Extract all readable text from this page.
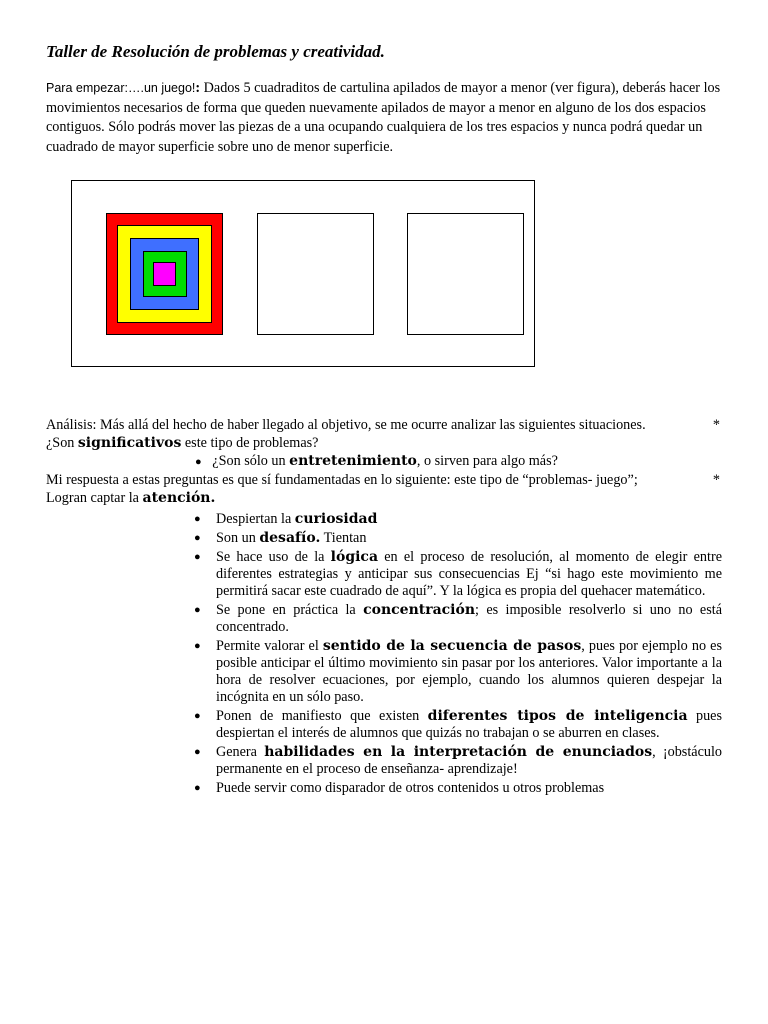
Taller de Resolución de problemas y creatividad.
Para empezar:….un juego!: Dados 5 cuadraditos de cartulina apilados de mayor a menor (ver figura), deberás hacer los movimientos necesarios de forma que queden nuevamente apilados de mayor a menor en alguno de los dos espacios contiguos. Sólo podrás mover las piezas de a una ocupando cualquiera de los tres espacios y nunca podrá quedar un cuadrado de mayor superficie sobre uno de menor superficie.
Análisis: Más allá del hecho de haber llegado al objetivo, se me ocurre analizar las siguientes situaciones.	*
¿Son significativos este tipo de problemas?
● ¿Son sólo un entretenimiento, o sirven para algo más?
Mi respuesta a estas preguntas es que sí fundamentadas en lo siguiente: este tipo de “problemas- juego”;	*
Logran captar la atención.
● Despiertan la curiosidad
● Son un desafío. Tientan
● Se hace uso de la lógica en el proceso de resolución, al momento de elegir entre diferentes estrategias y anticipar sus consecuencias Ej “si hago este movimiento me permitirá sacar este cuadrado de aquí”. Y la lógica es propia del quehacer matemático.
● Se pone en práctica la concentración; es imposible resolverlo si uno no está concentrado.
● Permite valorar el sentido de la secuencia de pasos, pues por ejemplo no es posible anticipar el último movimiento sin pasar por los anteriores. Valor importante a la hora de resolver ecuaciones, por ejemplo, cuando los alumnos quieren despejar la incógnita en un sólo paso.
● Ponen de manifiesto que existen diferentes tipos de inteligencia pues despiertan el interés de alumnos que quizás no trabajan o se aburren en clases.
● Genera habilidades en la interpretación de enunciados, ¡obstáculo permanente en el proceso de enseñanza- aprendizaje!
● Puede servir como disparador de otros contenidos u otros problemas
